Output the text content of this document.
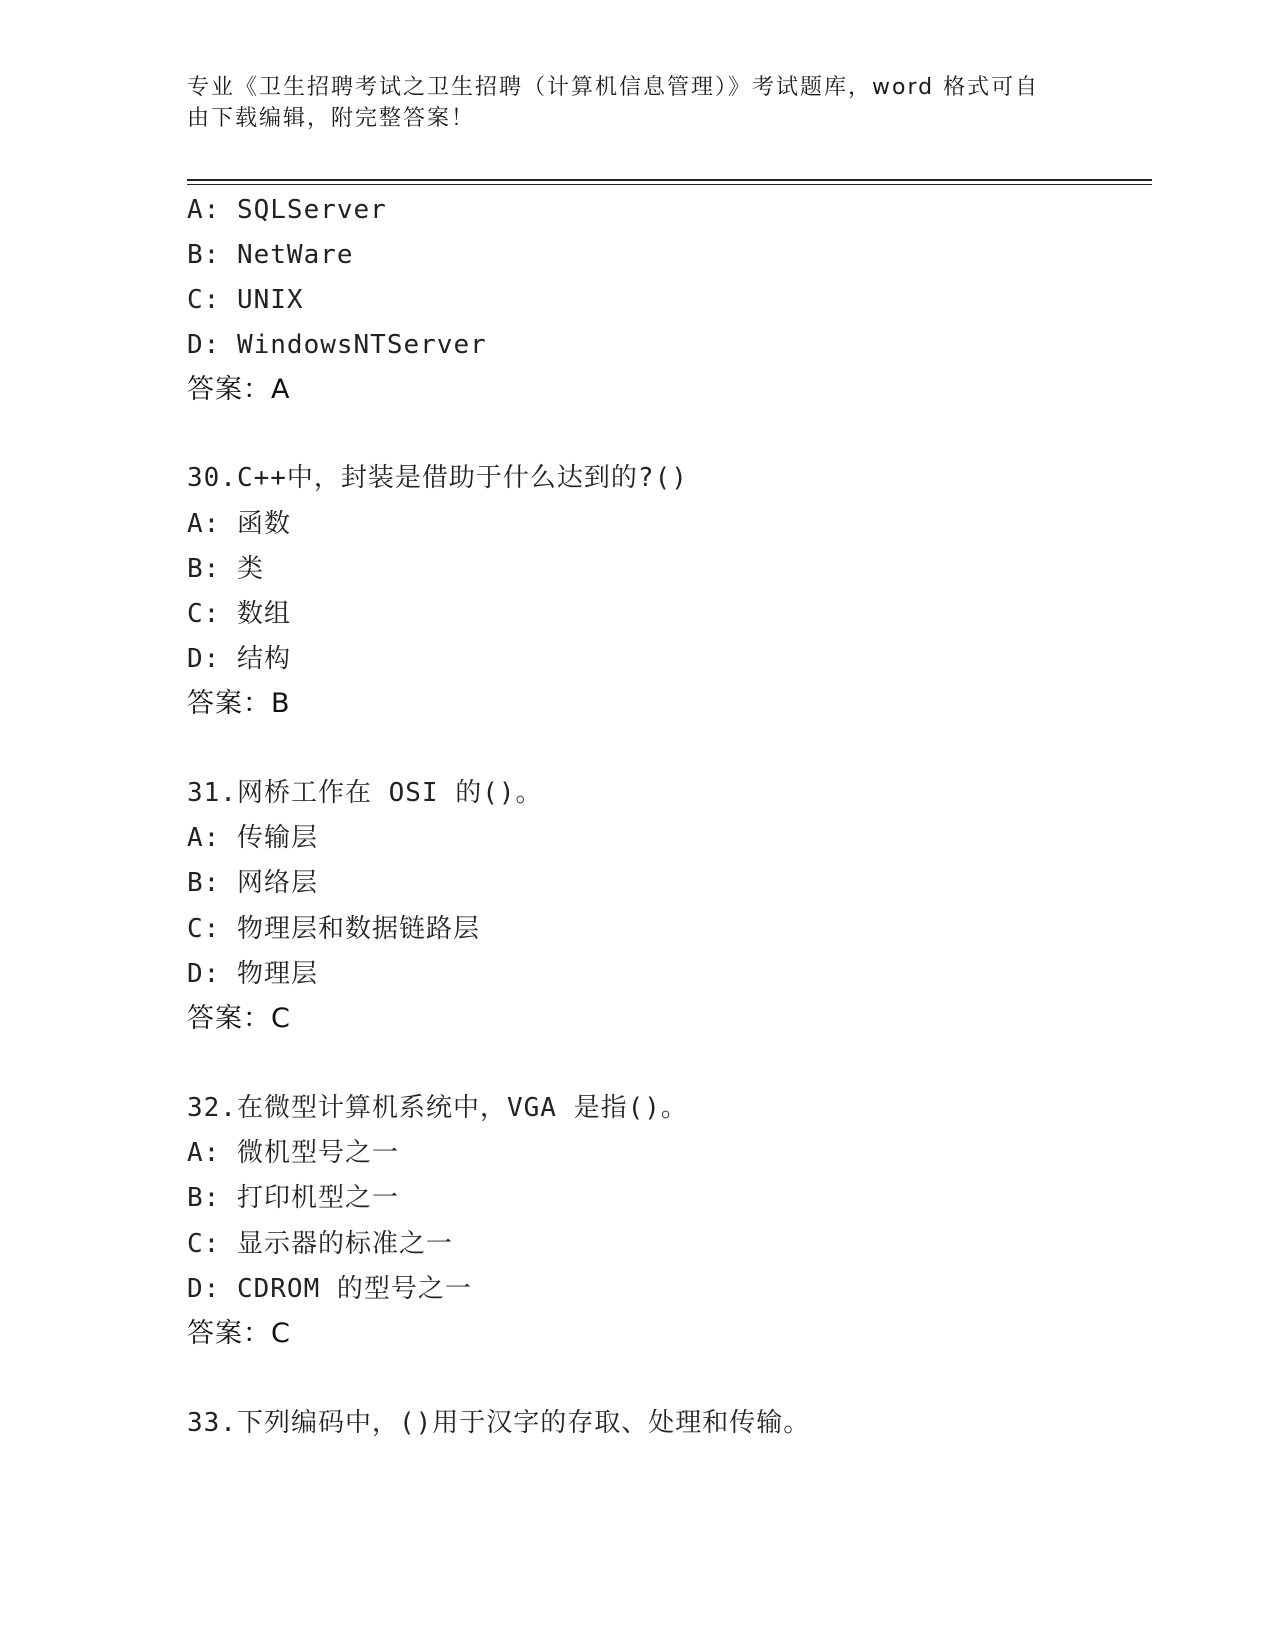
专业《卫生招聘考试之卫生招聘（计算机信息管理）》考试题库，word 格式可自
由下载编辑，附完整答案！
A: SQLServer
B: NetWare
C: UNIX
D: WindowsNTServer
答案：A
30.C++中，封装是借助于什么达到的?()
A: 函数
B: 类
C: 数组
D: 结构
答案：B
31.网桥工作在 OSI 的()。
A: 传输层
B: 网络层
C: 物理层和数据链路层
D: 物理层
答案：C
32.在微型计算机系统中，VGA 是指()。
A: 微机型号之一
B: 打印机型之一
C: 显示器的标准之一
D: CDROM 的型号之一
答案：C
33.下列编码中，()用于汉字的存取、处理和传输。
